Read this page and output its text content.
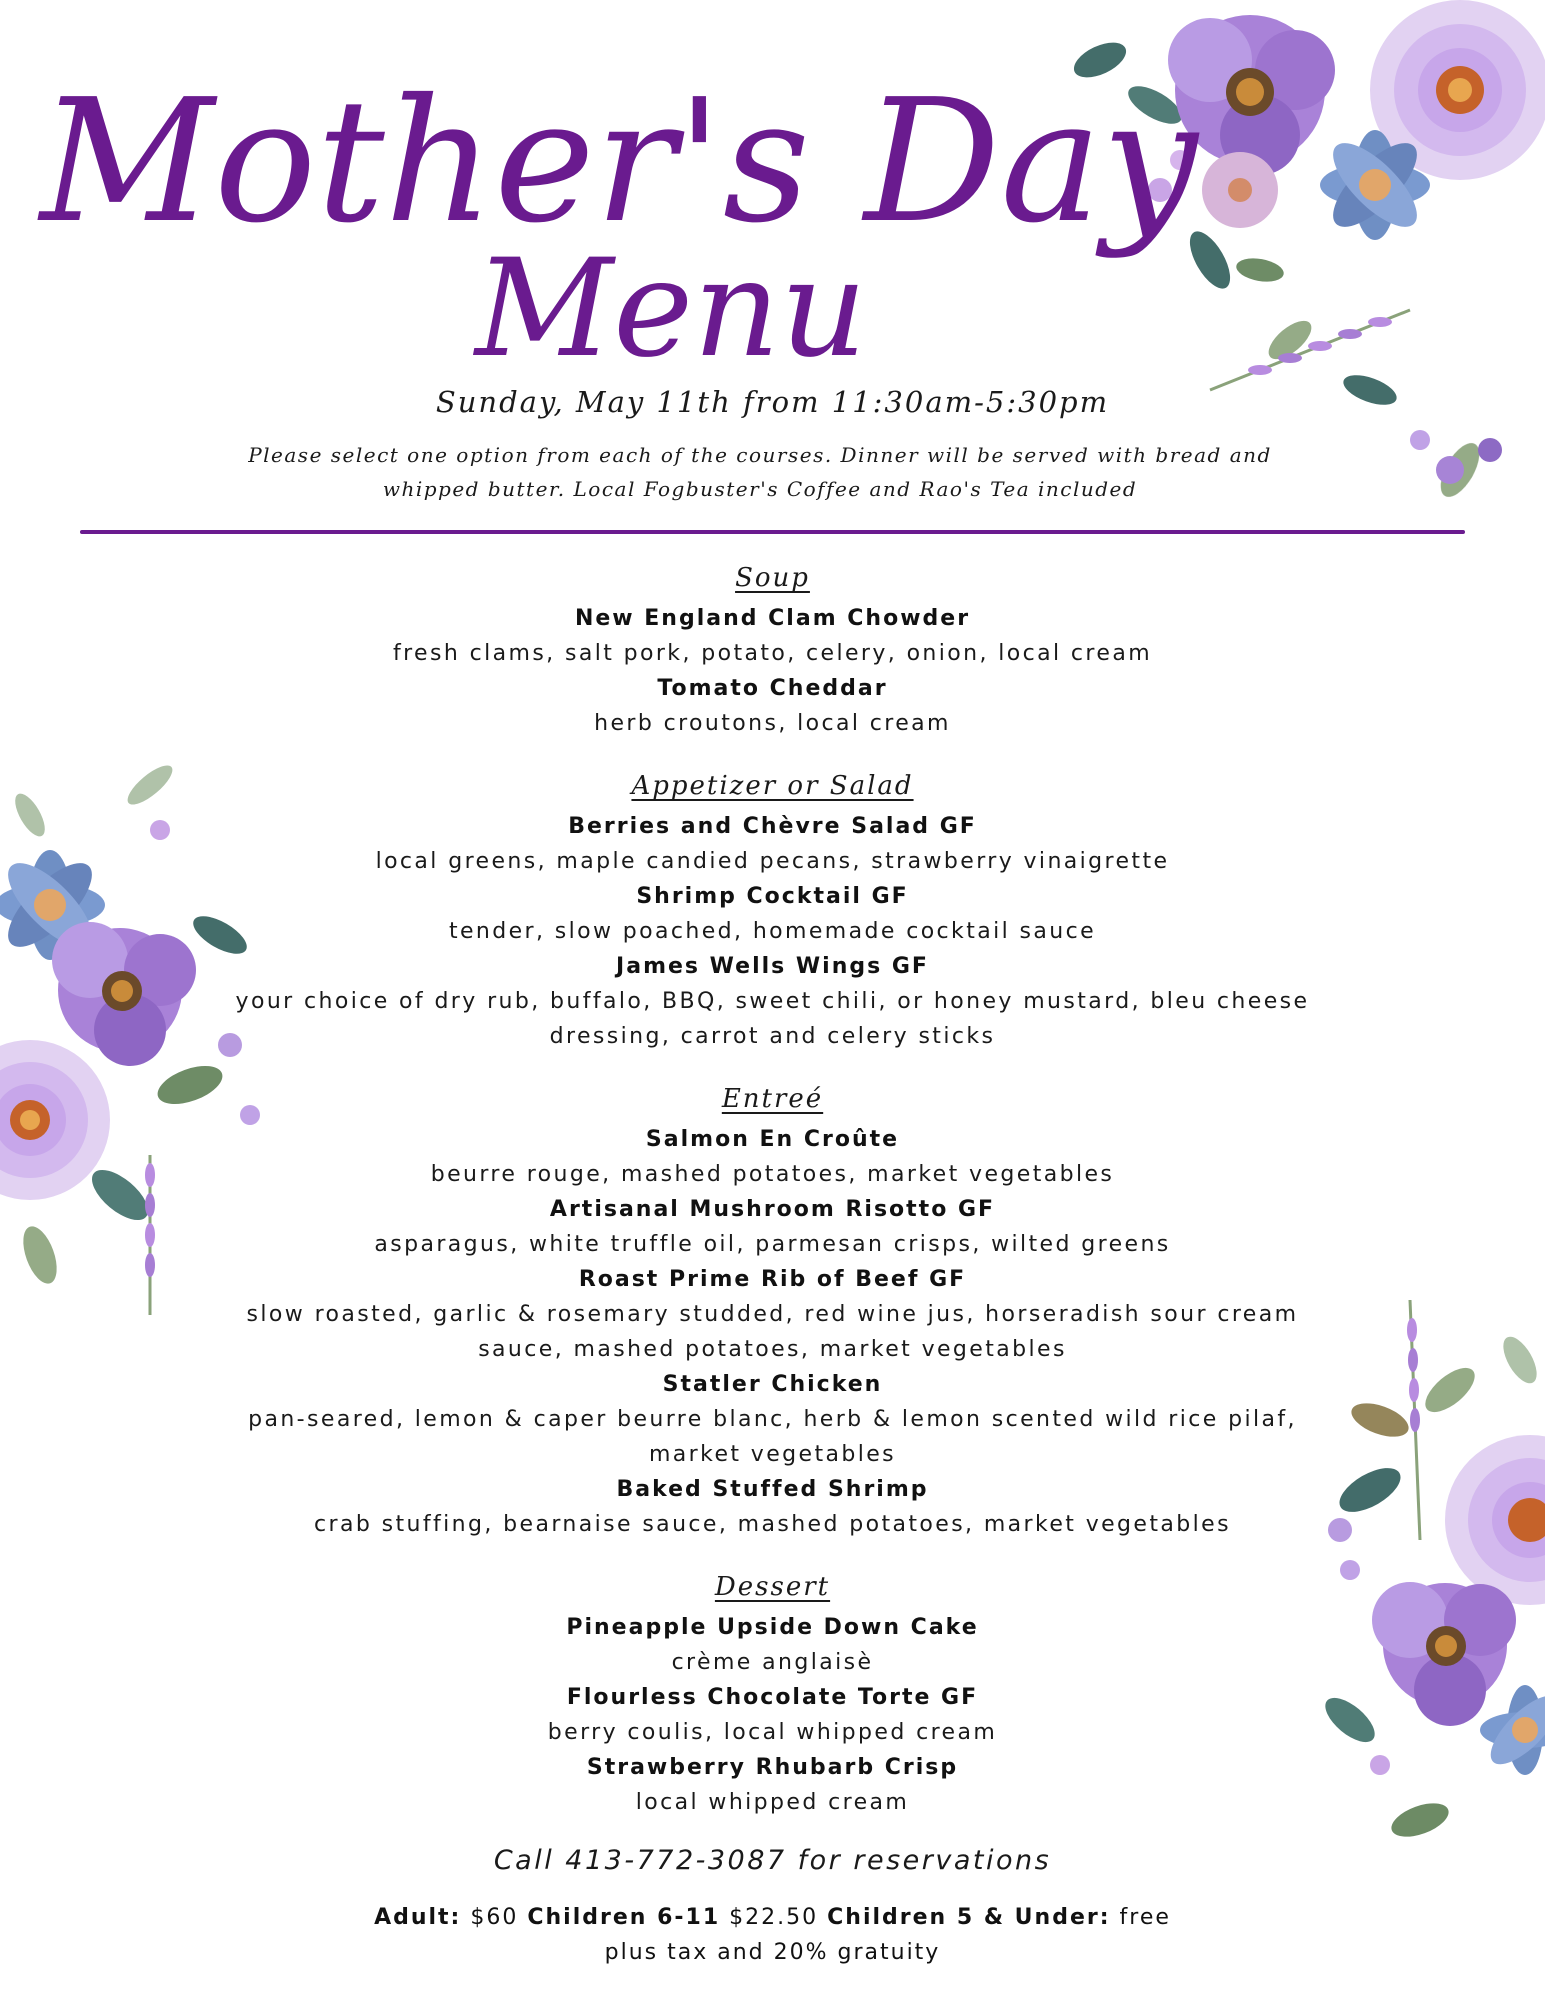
Mother's Day
Menu
Sunday, May 11th from 11:30am-5:30pm
Please select one option from each of the courses. Dinner will be served with bread and whipped butter. Local Fogbuster's Coffee and Rao's Tea included
Soup
New England Clam Chowder
fresh clams, salt pork, potato, celery, onion, local cream
Tomato Cheddar
herb croutons, local cream
Appetizer or Salad
Berries and Chèvre Salad GF
local greens, maple candied pecans, strawberry vinaigrette
Shrimp Cocktail GF
tender, slow poached, homemade cocktail sauce
James Wells Wings GF
your choice of dry rub, buffalo, BBQ, sweet chili, or honey mustard, bleu cheese dressing, carrot and celery sticks
Entreé
Salmon En Croûte
beurre rouge, mashed potatoes, market vegetables
Artisanal Mushroom Risotto GF
asparagus, white truffle oil, parmesan crisps, wilted greens
Roast Prime Rib of Beef GF
slow roasted, garlic & rosemary studded, red wine jus, horseradish sour cream sauce, mashed potatoes, market vegetables
Statler Chicken
pan-seared, lemon & caper beurre blanc, herb & lemon scented wild rice pilaf, market vegetables
Baked Stuffed Shrimp
crab stuffing, bearnaise sauce, mashed potatoes, market vegetables
Dessert
Pineapple Upside Down Cake
crème anglaisè
Flourless Chocolate Torte GF
berry coulis, local whipped cream
Strawberry Rhubarb Crisp
local whipped cream
Call 413-772-3087 for reservations
Adult: $60 Children 6-11 $22.50 Children 5 & Under: free
plus tax and 20% gratuity
